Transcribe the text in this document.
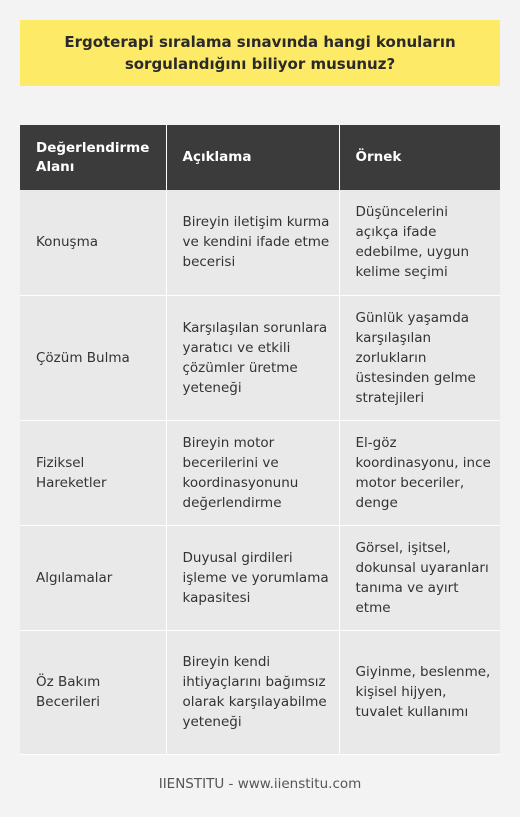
Ergoterapi sıralama sınavında hangi konuların sorgulandığını biliyor musunuz?
Değerlendirme Alanı	Açıklama	Örnek
Konuşma	Bireyin iletişim kurma ve kendini ifade etme becerisi	Düşüncelerini açıkça ifade edebilme, uygun kelime seçimi
Çözüm Bulma	Karşılaşılan sorunlara yaratıcı ve etkili çözümler üretme yeteneği	Günlük yaşamda karşılaşılan zorlukların üstesinden gelme stratejileri
Fiziksel Hareketler	Bireyin motor becerilerini ve koordinasyonunu değerlendirme	El-göz koordinasyonu, ince motor beceriler, denge
Algılamalar	Duyusal girdileri işleme ve yorumlama kapasitesi	Görsel, işitsel, dokunsal uyaranları tanıma ve ayırt etme
Öz Bakım Becerileri	Bireyin kendi ihtiyaçlarını bağımsız olarak karşılayabilme yeteneği	Giyinme, beslenme, kişisel hijyen, tuvalet kullanımı
IIENSTITU - www.iienstitu.com
